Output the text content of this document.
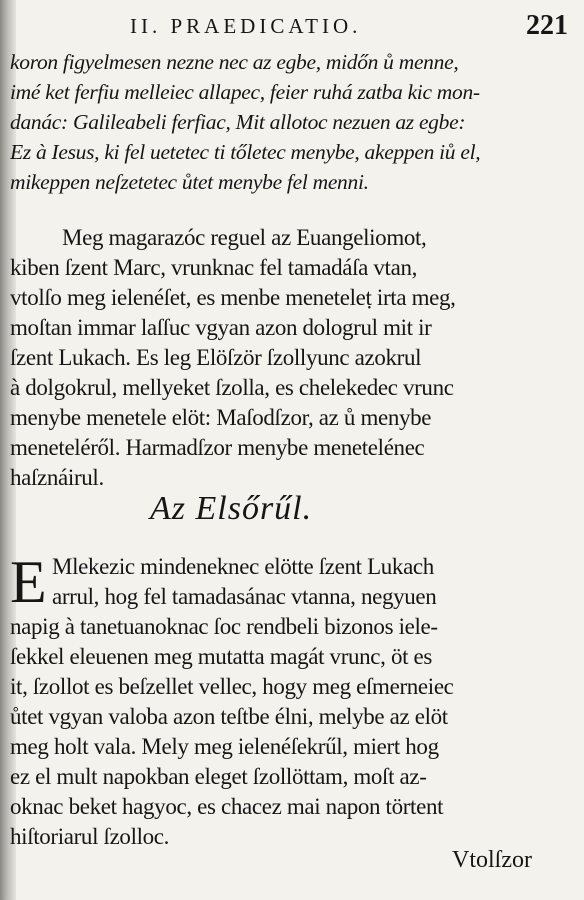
II. PRAEDICATIO.	221
koron figyelmesen nezne nec az egbe, midőn ů menne,
imé ket ferfiu melleiec allapec, feier ruhá zatba kic mon-
danác: Galileabeli ferfiac, Mit allotoc nezuen az egbe:
Ez à Iesus, ki fel uetetec ti tőletec menybe, akeppen iů el,
mikeppen neſzetetec ůtet menybe fel menni.
Meg magarazóc reguel az Euangeliomot,
kiben ſzent Marc, vrunknac fel tamadáſa vtan,
vtolſo meg ielenéſet, es menbe meneteleṭ irta meg,
moſtan immar laſſuc vgyan azon dologrul mit ir
ſzent Lukach. Es leg Elöſzör ſzollyunc azokrul
à dolgokrul, mellyeket ſzolla, es chelekedec vrunc
menybe menetele elöt: Maſodſzor, az ů menybe
meneteléről. Harmadſzor menybe menetelénec
haſznáirul.
Az Elsőrűl.
E Mlekezic mindeneknec elötte ſzent Lukach
arrul, hog fel tamadasánac vtanna, negyuen
napig à tanetuanoknac ſoc rendbeli bizonos iele-
ſekkel eleuenen meg mutatta magát vrunc, öt es
it, ſzollot es beſzellet vellec, hogy meg eſmerneiec
ůtet vgyan valoba azon teſtbe élni, melybe az elöt
meg holt vala. Mely meg ielenéſekrűl, miert hog
ez el mult napokban eleget ſzollöttam, moſt az-
oknac beket hagyoc, es chacez mai napon törtent
hiſtoriarul ſzolloc.
Vtolſzor
